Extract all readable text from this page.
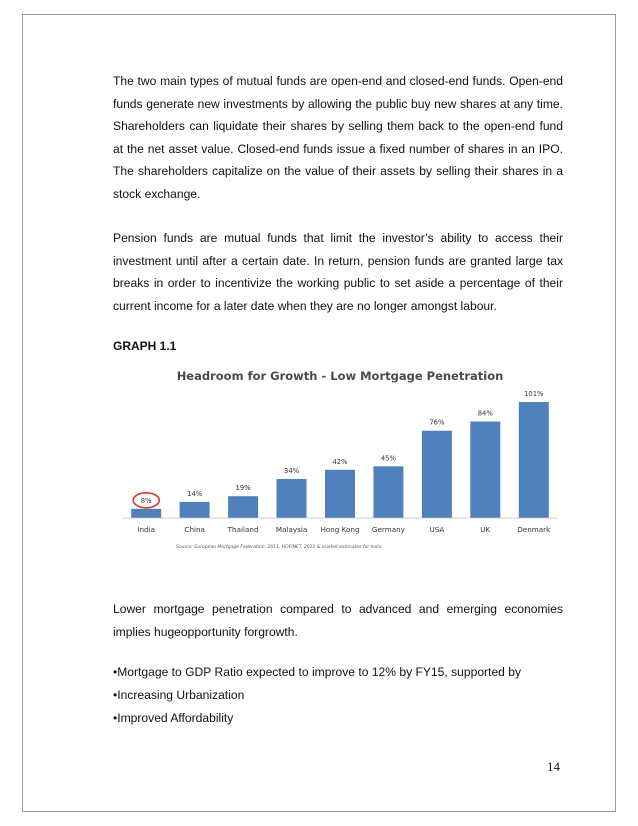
The two main types of mutual funds are open-end and closed-end funds. Open-end funds generate new investments by allowing the public buy new shares at any time. Shareholders can liquidate their shares by selling them back to the open-end fund at the net asset value. Closed-end funds issue a fixed number of shares in an IPO. The shareholders capitalize on the value of their assets by selling their shares in a stock exchange.

Pension funds are mutual funds that limit the investor’s ability to access their investment until after a certain date. In return, pension funds are granted large tax breaks in order to incentivize the working public to set aside a percentage of their current income for a later date when they are no longer amongst labour.

GRAPH 1.1

Headroom for Growth - Low Mortgage Penetration
8%
14%
19%
34%
42%	45%
76%
84%
101%
India	China	Thailand Malaysia Hong Kong Germany	USA	UK	Denmark
Source: European Mortgage Federation, 2011, HOFINET, 2011 & market estimates for India

Lower mortgage penetration compared to advanced and emerging economies implies hugeopportunity forgrowth.

•Mortgage to GDP Ratio expected to improve to 12% by FY15, supported by

•Increasing Urbanization

•Improved Affordability

14
